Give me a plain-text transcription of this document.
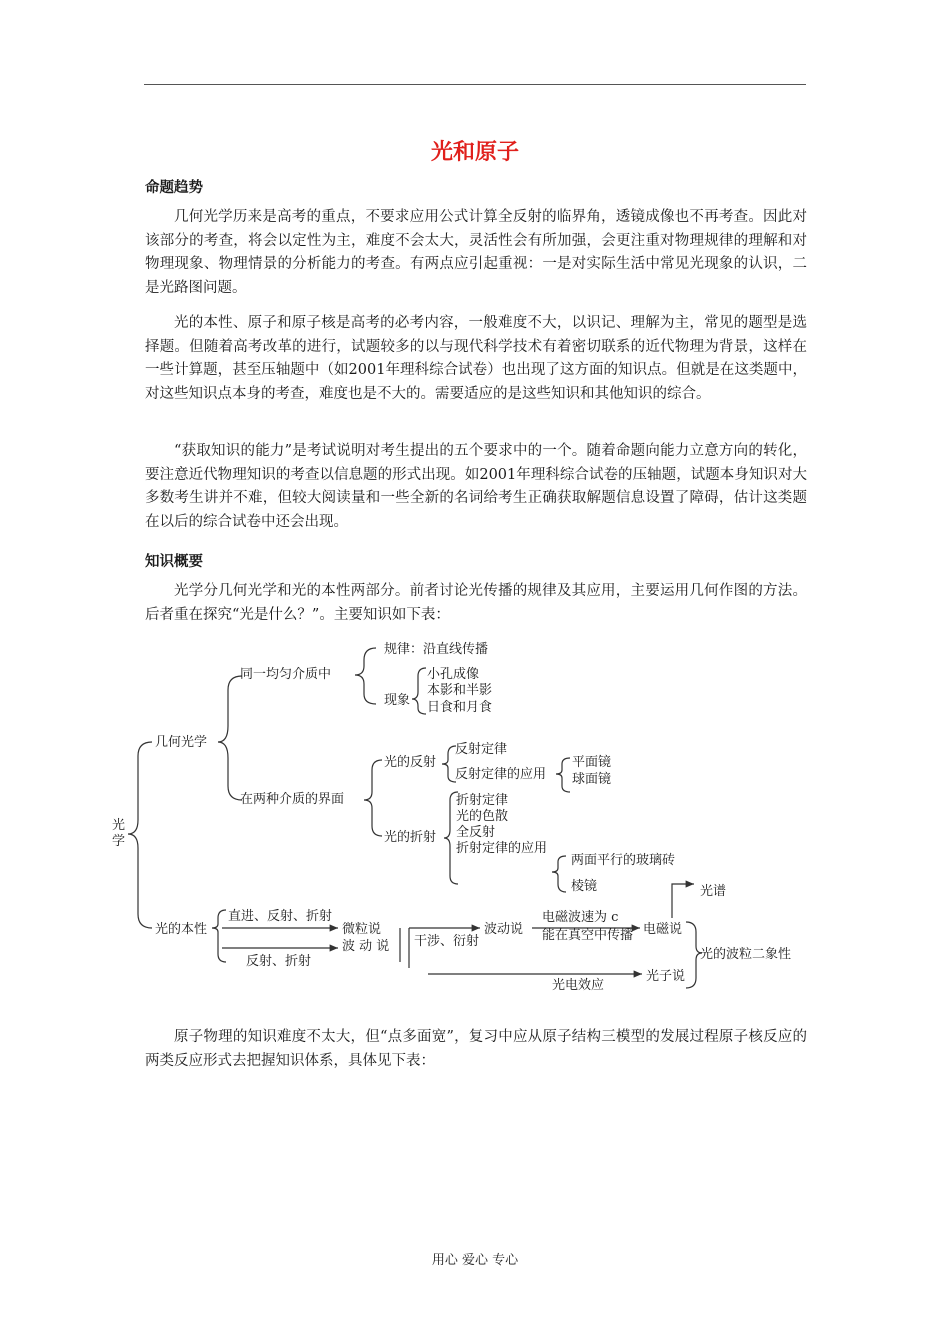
光和原子
命题趋势

几何光学历来是高考的重点，不要求应用公式计算全反射的临界角，透镜成像也不再考查。因此对该部分的考查，将会以定性为主，难度不会太大，灵活性会有所加强，会更注重对物理规律的理解和对物理现象、物理情景的分析能力的考查。有两点应引起重视：一是对实际生活中常见光现象的认识，二是光路图问题。

光的本性、原子和原子核是高考的必考内容，一般难度不大，以识记、理解为主，常见的题型是选择题。但随着高考改革的进行，试题较多的以与现代科学技术有着密切联系的近代物理为背景，这样在一些计算题，甚至压轴题中（如2001年理科综合试卷）也出现了这方面的知识点。但就是在这类题中，对这些知识点本身的考查，难度也是不大的。需要适应的是这些知识和其他知识的综合。

“获取知识的能力”是考试说明对考生提出的五个要求中的一个。随着命题向能力立意方向的转化，要注意近代物理知识的考查以信息题的形式出现。如2001年理科综合试卷的压轴题，试题本身知识对大多数考生讲并不难，但较大阅读量和一些全新的名词给考生正确获取解题信息设置了障碍，估计这类题在以后的综合试卷中还会出现。

知识概要

光学分几何光学和光的本性两部分。前者讨论光传播的规律及其应用，主要运用几何作图的方法。后者重在探究“光是什么？”。主要知识如下表：

光
学
几何光学
同一均匀介质中
规律：沿直线传播
现象
小孔成像
本影和半影
日食和月食
在两种介质的界面
光的反射
反射定律
反射定律的应用
平面镜
球面镜
光的折射
折射定律
光的色散
全反射
折射定律的应用
两面平行的玻璃砖
棱镜
光的本性
直进、反射、折射
反射、折射
微粒说
波 动 说 干涉、衍射
波动说
电磁波速为 c
能在真空中传播 电磁说
光谱
光的波粒二象性
光子说
光电效应

原子物理的知识难度不太大，但“点多面宽”，复习中应从原子结构三模型的发展过程原子核反应的两类反应形式去把握知识体系，具体见下表：

用心 爱心 专心
